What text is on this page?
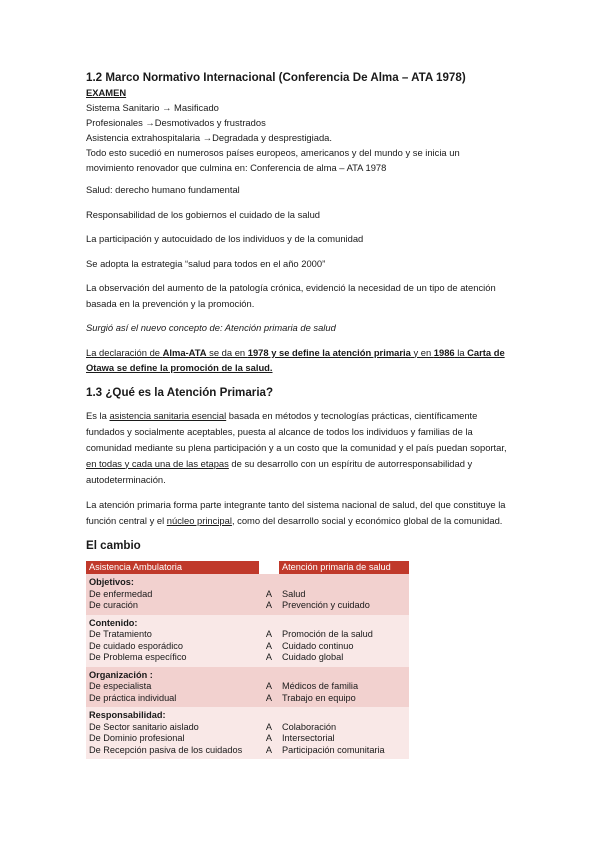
1.2 Marco Normativo Internacional (Conferencia De Alma – ATA 1978)

EXAMEN

Sistema Sanitario → Masificado

Profesionales →Desmotivados y frustrados

Asistencia extrahospitalaria →Degradada y desprestigiada.

Todo esto sucedió en numerosos países europeos, americanos y del mundo y se inicia un

movimiento renovador que culmina en: Conferencia de alma – ATA 1978

Salud: derecho humano fundamental

Responsabilidad de los gobiernos el cuidado de la salud

La participación y autocuidado de los individuos y de la comunidad

Se adopta la estrategia “salud para todos en el año 2000”

La observación del aumento de la patología crónica, evidenció la necesidad de un tipo de atención basada en la prevención y la promoción.

Surgió así el nuevo concepto de: Atención primaria de salud

La declaración de Alma-ATA se da en 1978 y se define la atención primaria y en 1986 la Carta de Otawa se define la promoción de la salud.

1.3 ¿Qué es la Atención Primaria?

Es la asistencia sanitaria esencial basada en métodos y tecnologías prácticas, científicamente fundados y socialmente aceptables, puesta al alcance de todos los individuos y familias de la comunidad mediante su plena participación y a un costo que la comunidad y el país puedan soportar, en todas y cada una de las etapas de su desarrollo con un espíritu de autorresponsabilidad y autodeterminación.

La atención primaria forma parte integrante tanto del sistema nacional de salud, del que constituye la función central y el núcleo principal, como del desarrollo social y económico global de la comunidad.

El cambio

Asistencia Ambulatoria		Atención primaria de salud
Objetivos:		
De enfermedad	A	Salud
De curación	A	Prevención y cuidado
Contenido:		
De Tratamiento	A	Promoción de la salud
De cuidado esporádico	A	Cuidado continuo
De Problema específico	A	Cuidado global
Organización :		
De especialista	A	Médicos de familia
De práctica individual	A	Trabajo en equipo
Responsabilidad:		
De Sector sanitario aislado	A	Colaboración
De Dominio profesional	A	Intersectorial
De Recepción pasiva de los cuidados	A	Participación comunitaria
